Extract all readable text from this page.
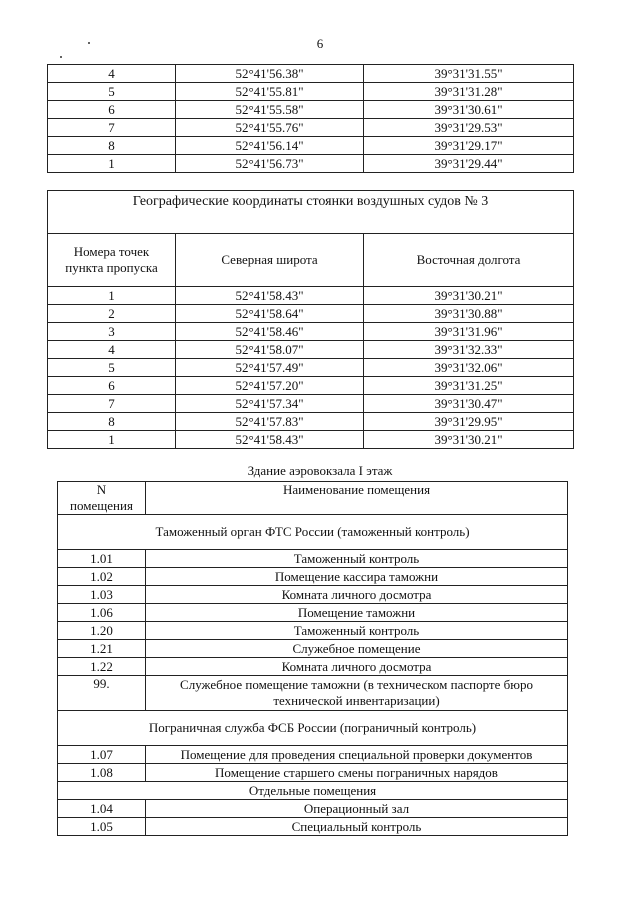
6
4	52°41'56.38"	39°31'31.55"
5	52°41'55.81"	39°31'31.28"
6	52°41'55.58"	39°31'30.61"
7	52°41'55.76"	39°31'29.53"
8	52°41'56.14"	39°31'29.17"
1	52°41'56.73"	39°31'29.44"
Географические координаты стоянки воздушных судов № 3		
Номера точек пункта пропуска	Северная широта	Восточная долгота
1	52°41'58.43"	39°31'30.21"
2	52°41'58.64"	39°31'30.88"
3	52°41'58.46"	39°31'31.96"
4	52°41'58.07"	39°31'32.33"
5	52°41'57.49"	39°31'32.06"
6	52°41'57.20"	39°31'31.25"
7	52°41'57.34"	39°31'30.47"
8	52°41'57.83"	39°31'29.95"
1	52°41'58.43"	39°31'30.21"
Здание аэровокзала I этаж
N помещения	Наименование помещения
Таможенный орган ФТС России (таможенный контроль)	
1.01	Таможенный контроль
1.02	Помещение кассира таможни
1.03	Комната личного досмотра
1.06	Помещение таможни
1.20	Таможенный контроль
1.21	Служебное помещение
1.22	Комната личного досмотра
99.	Служебное помещение таможни (в техническом паспорте бюро технической инвентаризации)
Пограничная служба ФСБ России (пограничный контроль)	
1.07	Помещение для проведения специальной проверки документов
1.08	Помещение старшего смены пограничных нарядов
Отдельные помещения	
1.04	Операционный зал
1.05	Специальный контроль
